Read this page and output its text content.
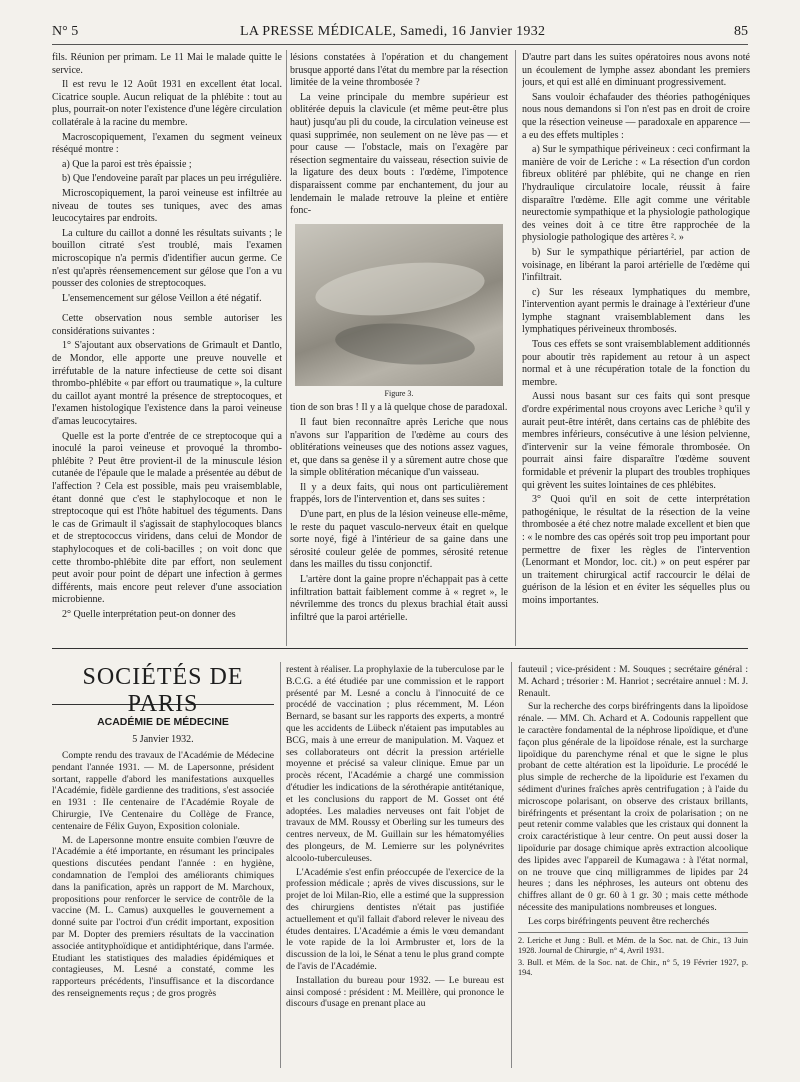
N° 5	LA PRESSE MÉDICALE, Samedi, 16 Janvier 1932	85

fils. Réunion per primam. Le 11 Mai le malade quitte le service.

Il est revu le 12 Août 1931 en excellent état local. Cicatrice souple. Aucun reliquat de la phlébite : tout au plus, pourrait-on noter l'existence d'une légère circulation collatérale à la racine du membre.

Macroscopiquement, l'examen du segment veineux réséqué montre :

a) Que la paroi est très épaissie ;

b) Que l'endoveine paraît par places un peu irrégulière.

Microscopiquement, la paroi veineuse est infiltrée au niveau de toutes ses tuniques, avec des amas leucocytaires par endroits.

La culture du caillot a donné les résultats suivants ; le bouillon citraté s'est troublé, mais l'examen microscopique n'a permis d'identifier aucun germe. Ce n'est qu'après réensemencement sur gélose que l'on a vu pousser des colonies de streptocoques.

L'ensemencement sur gélose Veillon a été négatif.

Cette observation nous semble autoriser les considérations suivantes :

1° S'ajoutant aux observations de Grimault et Dantlo, de Mondor, elle apporte une preuve nouvelle et irréfutable de la nature infectieuse de cette soi disant thrombo-phlébite « par effort ou traumatique », la culture du caillot ayant montré la présence de streptocoques, et l'examen histologique l'existence dans la paroi veineuse d'amas leucocytaires.

Quelle est la porte d'entrée de ce streptocoque qui a inoculé la paroi veineuse et provoqué la thrombo-phlébite ? Peut être provient-il de la minuscule lésion cutanée de l'épaule que le malade a présentée au début de l'affection ? Cela est possible, mais peu vraisemblable, étant donné que c'est le staphylocoque et non le streptocoque qui est l'hôte habituel des téguments. Dans le cas de Grimault il s'agissait de staphylocoques blancs et de streptococcus viridens, dans celui de Mondor de staphylocoques et de coli-bacilles ; on voit donc que cette thrombo-phlébite dite par effort, non seulement peut avoir pour point de départ une infection à germes différents, mais encore peut relever d'une association microbienne.

2° Quelle interprétation peut-on donner des

lésions constatées à l'opération et du changement brusque apporté dans l'état du membre par la résection limitée de la veine thrombosée ?

La veine principale du membre supérieur est oblitérée depuis la clavicule (et même peut-être plus haut) jusqu'au pli du coude, la circulation veineuse est quasi supprimée, non seulement on ne lève pas — et pour cause — l'obstacle, mais on l'exagère par résection segmentaire du vaisseau, résection suivie de la ligature des deux bouts : l'œdème, l'impotence disparaissent comme par enchantement, du jour au lendemain le malade retrouve la pleine et entière fonc-

Figure 3.

tion de son bras ! Il y a là quelque chose de paradoxal.

Il faut bien reconnaître après Leriche que nous n'avons sur l'apparition de l'œdème au cours des oblitérations veineuses que des notions assez vagues, et, que dans sa genèse il y a sûrement autre chose que la simple oblitération mécanique d'un vaisseau.

Il y a deux faits, qui nous ont particulièrement frappés, lors de l'intervention et, dans ses suites :

D'une part, en plus de la lésion veineuse elle-même, le reste du paquet vasculo-nerveux était en quelque sorte noyé, figé à l'intérieur de sa gaine dans une sérosité couleur gelée de pommes, sérosité retenue dans les mailles du tissu conjonctif.

L'artère dont la gaine propre n'échappait pas à cette infiltration battait faiblement comme à « regret », le névrilemme des troncs du plexus brachial était aussi infiltré que la paroi artérielle.

D'autre part dans les suites opératoires nous avons noté un écoulement de lymphe assez abondant les premiers jours, et qui est allé en diminuant progressivement.

Sans vouloir échafauder des théories pathogéniques nous nous demandons si l'on n'est pas en droit de croire que la résection veineuse — paradoxale en apparence — a eu des effets multiples :

a) Sur le sympathique périveineux : ceci confirmant la manière de voir de Leriche : « La résection d'un cordon fibreux oblitéré par phlébite, qui ne change en rien l'hydraulique circulatoire locale, réussit à faire disparaître l'œdème. Elle agit comme une véritable neurectomie sympathique et la physiologie pathologique des veines doit à ce titre être rapprochée de la physiologie pathologique des artères ². »

b) Sur le sympathique périartériel, par action de voisinage, en libérant la paroi artérielle de l'œdème qui l'infiltrait.

c) Sur les réseaux lymphatiques du membre, l'intervention ayant permis le drainage à l'extérieur d'une lymphe stagnant vraisemblablement dans les lymphatiques périveineux thrombosés.

Tous ces effets se sont vraisemblablement additionnés pour aboutir très rapidement au retour à un aspect normal et à une récupération totale de la fonction du membre.

Aussi nous basant sur ces faits qui sont presque d'ordre expérimental nous croyons avec Leriche ³ qu'il y aurait peut-être intérêt, dans certains cas de phlébite des membres inférieurs, consécutive à une lésion pelvienne, d'intervenir sur la veine fémorale thrombosée. On pourrait ainsi faire disparaître l'œdème souvent formidable et prévenir la plupart des troubles trophiques qui grèvent les suites lointaines de ces phlébites.

3° Quoi qu'il en soit de cette interprétation pathogénique, le résultat de la résection de la veine thrombosée a été chez notre malade excellent et bien que : « le nombre des cas opérés soit trop peu important pour permettre de fixer les règles de l'intervention (Lenormant et Mondor, loc. cit.) » on peut espérer par un traitement chirurgical actif raccourcir le délai de guérison de la lésion et en éviter les séquelles plus ou moins importantes.

SOCIÉTÉS DE PARIS
ACADÉMIE DE MÉDECINE
5 Janvier 1932.

Compte rendu des travaux de l'Académie de Médecine pendant l'année 1931. — M. de Lapersonne, président sortant, rappelle d'abord les manifestations auxquelles l'Académie, fidèle gardienne des traditions, s'est associée en 1931 : IIe centenaire de l'Académie Royale de Chirurgie, IVe Centenaire du Collège de France, centenaire de Félix Guyon, Exposition coloniale.

M. de Lapersonne montre ensuite combien l'œuvre de l'Académie a été importante, en résumant les principales questions discutées pendant l'année : en hygiène, condamnation de l'emploi des améliorants chimiques dans la panification, après un rapport de M. Marchoux, propositions pour renforcer le service de contrôle de la vaccine (M. L. Camus) auxquelles le gouvernement a donné suite par l'octroi d'un crédit important, exposition par M. Dopter des premiers résultats de la vaccination associée antityphoïdique et antidiphtérique, dans l'armée. Etudiant les statistiques des maladies épidémiques et contagieuses, M. Lesné a constaté, comme les rapporteurs précédents, l'insuffisance et la discordance des renseignements reçus ; de gros progrès

restent à réaliser. La prophylaxie de la tuberculose par le B.C.G. a été étudiée par une commission et le rapport présenté par M. Lesné a conclu à l'innocuité de ce procédé de vaccination ; plus récemment, M. Léon Bernard, se basant sur les rapports des experts, a montré que les accidents de Lübeck n'étaient pas imputables au BCG, mais à une erreur de manipulation. M. Vaquez et ses collaborateurs ont décrit la pression artérielle moyenne et précisé sa valeur clinique. Emue par un procès récent, l'Académie a chargé une commission d'étudier les indications de la sérothérapie antitétanique, et les conclusions du rapport de M. Gosset ont été adoptées. Les maladies nerveuses ont fait l'objet de travaux de MM. Roussy et Oberling sur les tumeurs des centres nerveux, de M. Guillain sur les hématomyélies des plongeurs, de M. Lemierre sur les polynévrites alcoolo-tuberculeuses.

L'Académie s'est enfin préoccupée de l'exercice de la profession médicale ; après de vives discussions, sur le projet de loi Milan-Rio, elle a estimé que la suppression des chirurgiens dentistes n'était pas justifiée actuellement et qu'il fallait d'abord relever le niveau des études dentaires. L'Académie a émis le vœu demandant le vote rapide de la loi Armbruster et, lors de la discussion de la loi, le Sénat a tenu le plus grand compte de l'avis de l'Académie.

Installation du bureau pour 1932. — Le bureau est ainsi composé : président : M. Meillère, qui prononce le discours d'usage en prenant place au

fauteuil ; vice-président : M. Souques ; secrétaire général : M. Achard ; trésorier : M. Hanriot ; secrétaire annuel : M. J. Renault.

Sur la recherche des corps biréfringents dans la lipoïdose rénale. — MM. Ch. Achard et A. Codounis rappellent que le caractère fondamental de la néphrose lipoïdique, et d'une façon plus générale de la lipoïdose rénale, est la surcharge lipoïdique du parenchyme rénal et que le signe le plus probant de cette altération est la lipoïdurie. Le procédé le plus simple de recherche de la lipoïdurie est l'examen du sédiment d'urines fraîches après centrifugation ; à l'aide du microscope polarisant, on observe des cristaux brillants, biréfringents et présentant la croix de polarisation ; on ne peut retenir comme valables que les cristaux qui donnent la croix caractéristique à leur centre. On peut aussi doser la lipoïdurie par dosage chimique après extraction alcoolique des lipides avec l'appareil de Kumagawa : à l'état normal, on ne trouve que cinq milligrammes de lipides par 24 heures ; dans les néphroses, les auteurs ont obtenu des chiffres allant de 0 gr. 60 à 1 gr. 30 ; mais cette méthode nécessite des manipulations nombreuses et longues.

Les corps biréfringents peuvent être recherchés

2. Leriche et Jung : Bull. et Mém. de la Soc. nat. de Chir., 13 Juin 1928. Journal de Chirurgie, n° 4, Avril 1931.

3. Bull. et Mém. de la Soc. nat. de Chir., n° 5, 19 Février 1927, p. 194.
